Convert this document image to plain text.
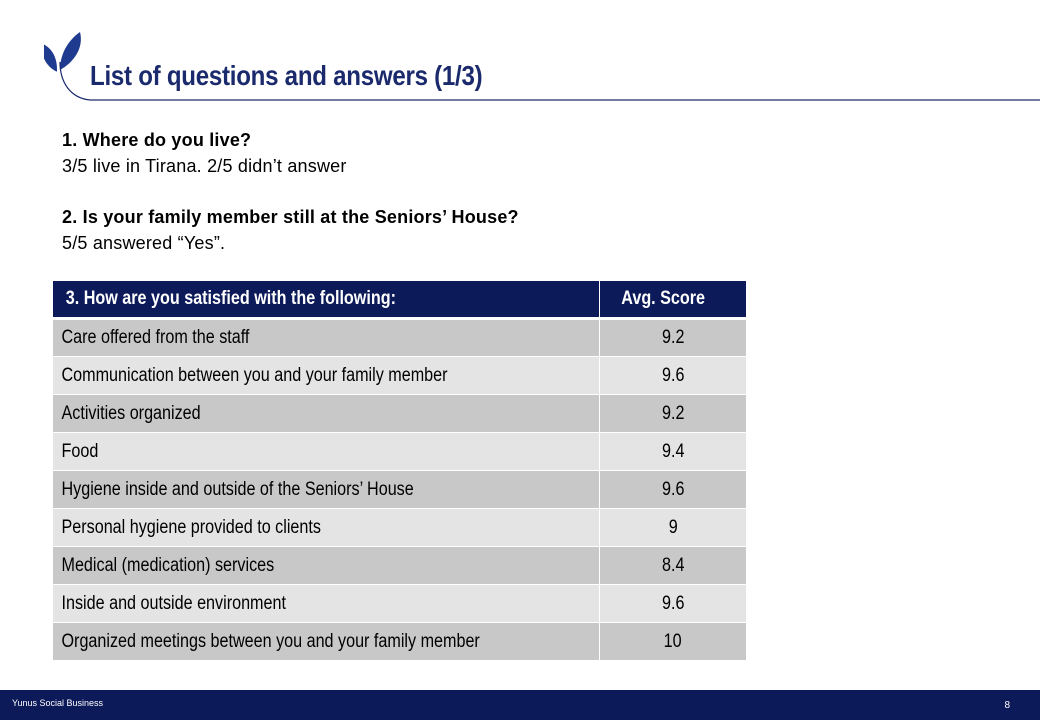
List of questions and answers (1/3)
1. Where do you live?
3/5 live in Tirana. 2/5 didn’t answer
2. Is your family member still at the Seniors’ House?
5/5 answered “Yes”.
3. How are you satisfied with the following:	Avg. Score
Care offered from the staff	9.2
Communication between you and your family member	9.6
Activities organized	9.2
Food	9.4
Hygiene inside and outside of the Seniors’ House	9.6
Personal hygiene provided to clients	9
Medical (medication) services	8.4
Inside and outside environment	9.6
Organized meetings between you and your family member	10
Yunus Social Business	8
